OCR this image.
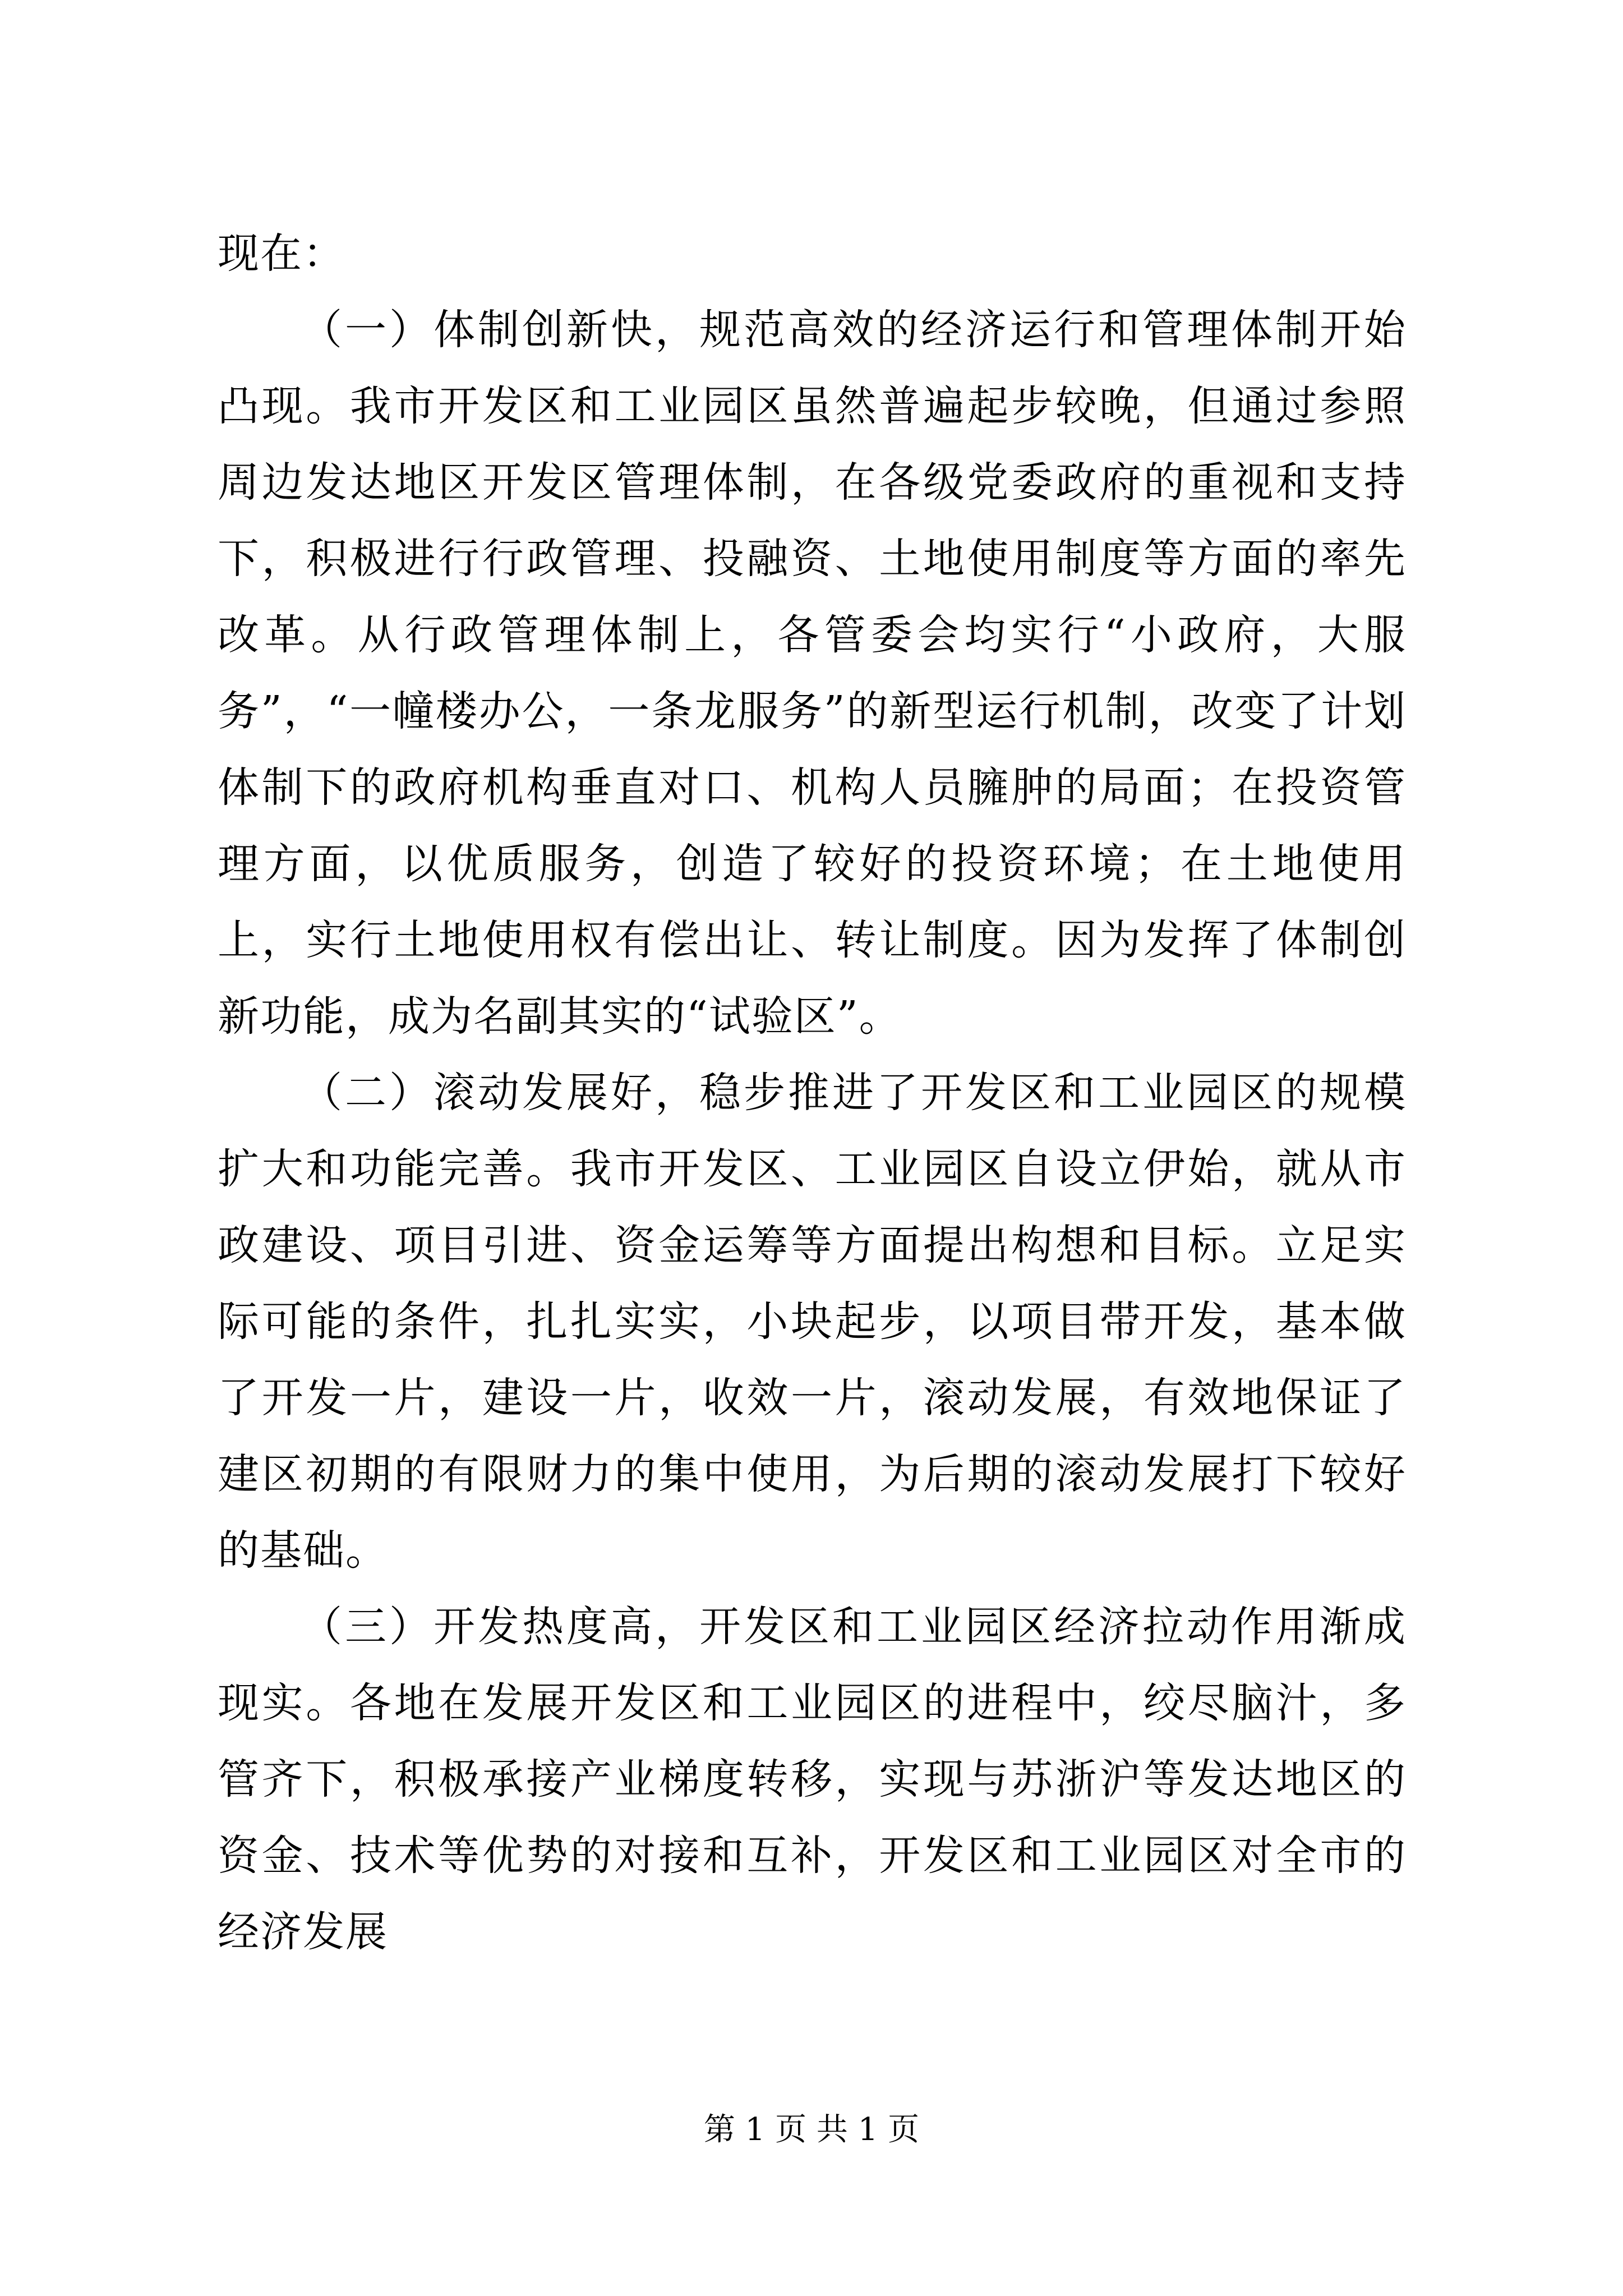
现在：

（一）体制创新快，规范高效的经济运行和管理体制开始凸现。我市开发区和工业园区虽然普遍起步较晚，但通过参照周边发达地区开发区管理体制，在各级党委政府的重视和支持下，积极进行行政管理、投融资、土地使用制度等方面的率先改革。从行政管理体制上，各管委会均实行“小政府，大服务”，“一幢楼办公，一条龙服务”的新型运行机制，改变了计划体制下的政府机构垂直对口、机构人员臃肿的局面；在投资管理方面，以优质服务，创造了较好的投资环境；在土地使用上，实行土地使用权有偿出让、转让制度。因为发挥了体制创新功能，成为名副其实的“试验区”。

（二）滚动发展好，稳步推进了开发区和工业园区的规模扩大和功能完善。我市开发区、工业园区自设立伊始，就从市政建设、项目引进、资金运筹等方面提出构想和目标。立足实际可能的条件，扎扎实实，小块起步，以项目带开发，基本做了开发一片，建设一片，收效一片，滚动发展，有效地保证了建区初期的有限财力的集中使用，为后期的滚动发展打下较好的基础。

（三）开发热度高，开发区和工业园区经济拉动作用渐成现实。各地在发展开发区和工业园区的进程中，绞尽脑汁，多管齐下，积极承接产业梯度转移，实现与苏浙沪等发达地区的资金、技术等优势的对接和互补，开发区和工业园区对全市的经济发展

第 1 页 共 1 页
